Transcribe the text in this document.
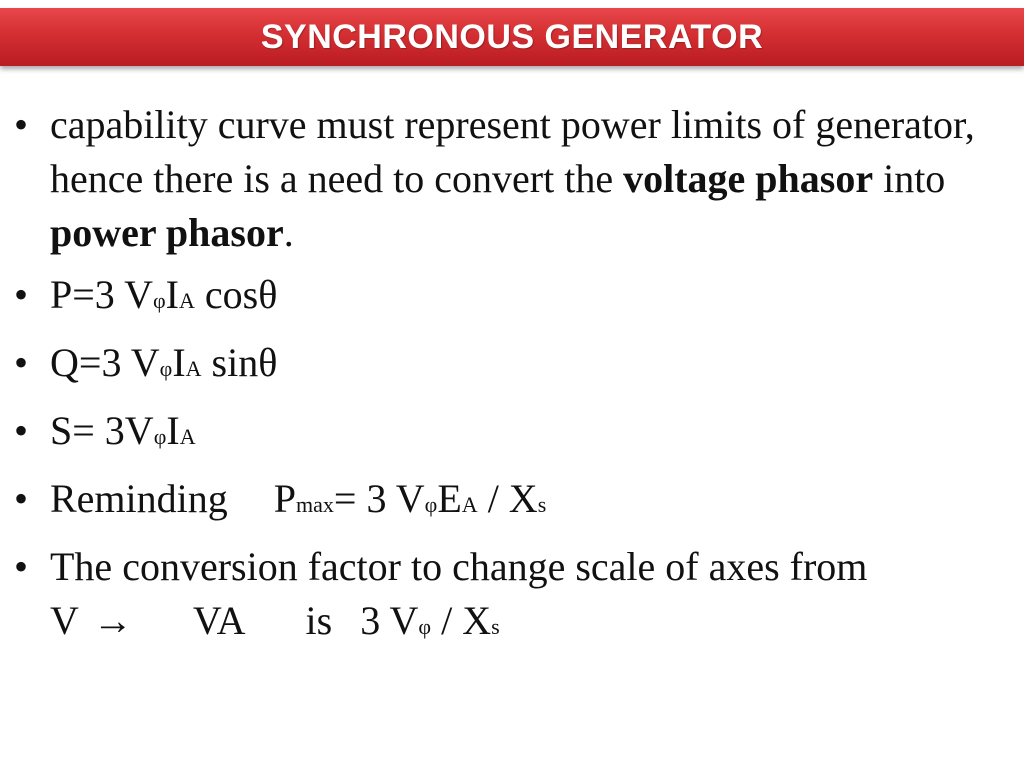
SYNCHRONOUS GENERATOR
• capability curve must represent power limits of generator, hence there is a need to convert the voltage phasor into power phasor.
• P=3 VφIA cosθ
• Q=3 VφIA sinθ
• S= 3VφIA
• Reminding Pmax= 3 VφEA / Xs
• The conversion factor to change scale of axes from
V → VA is 3 Vφ / Xs
